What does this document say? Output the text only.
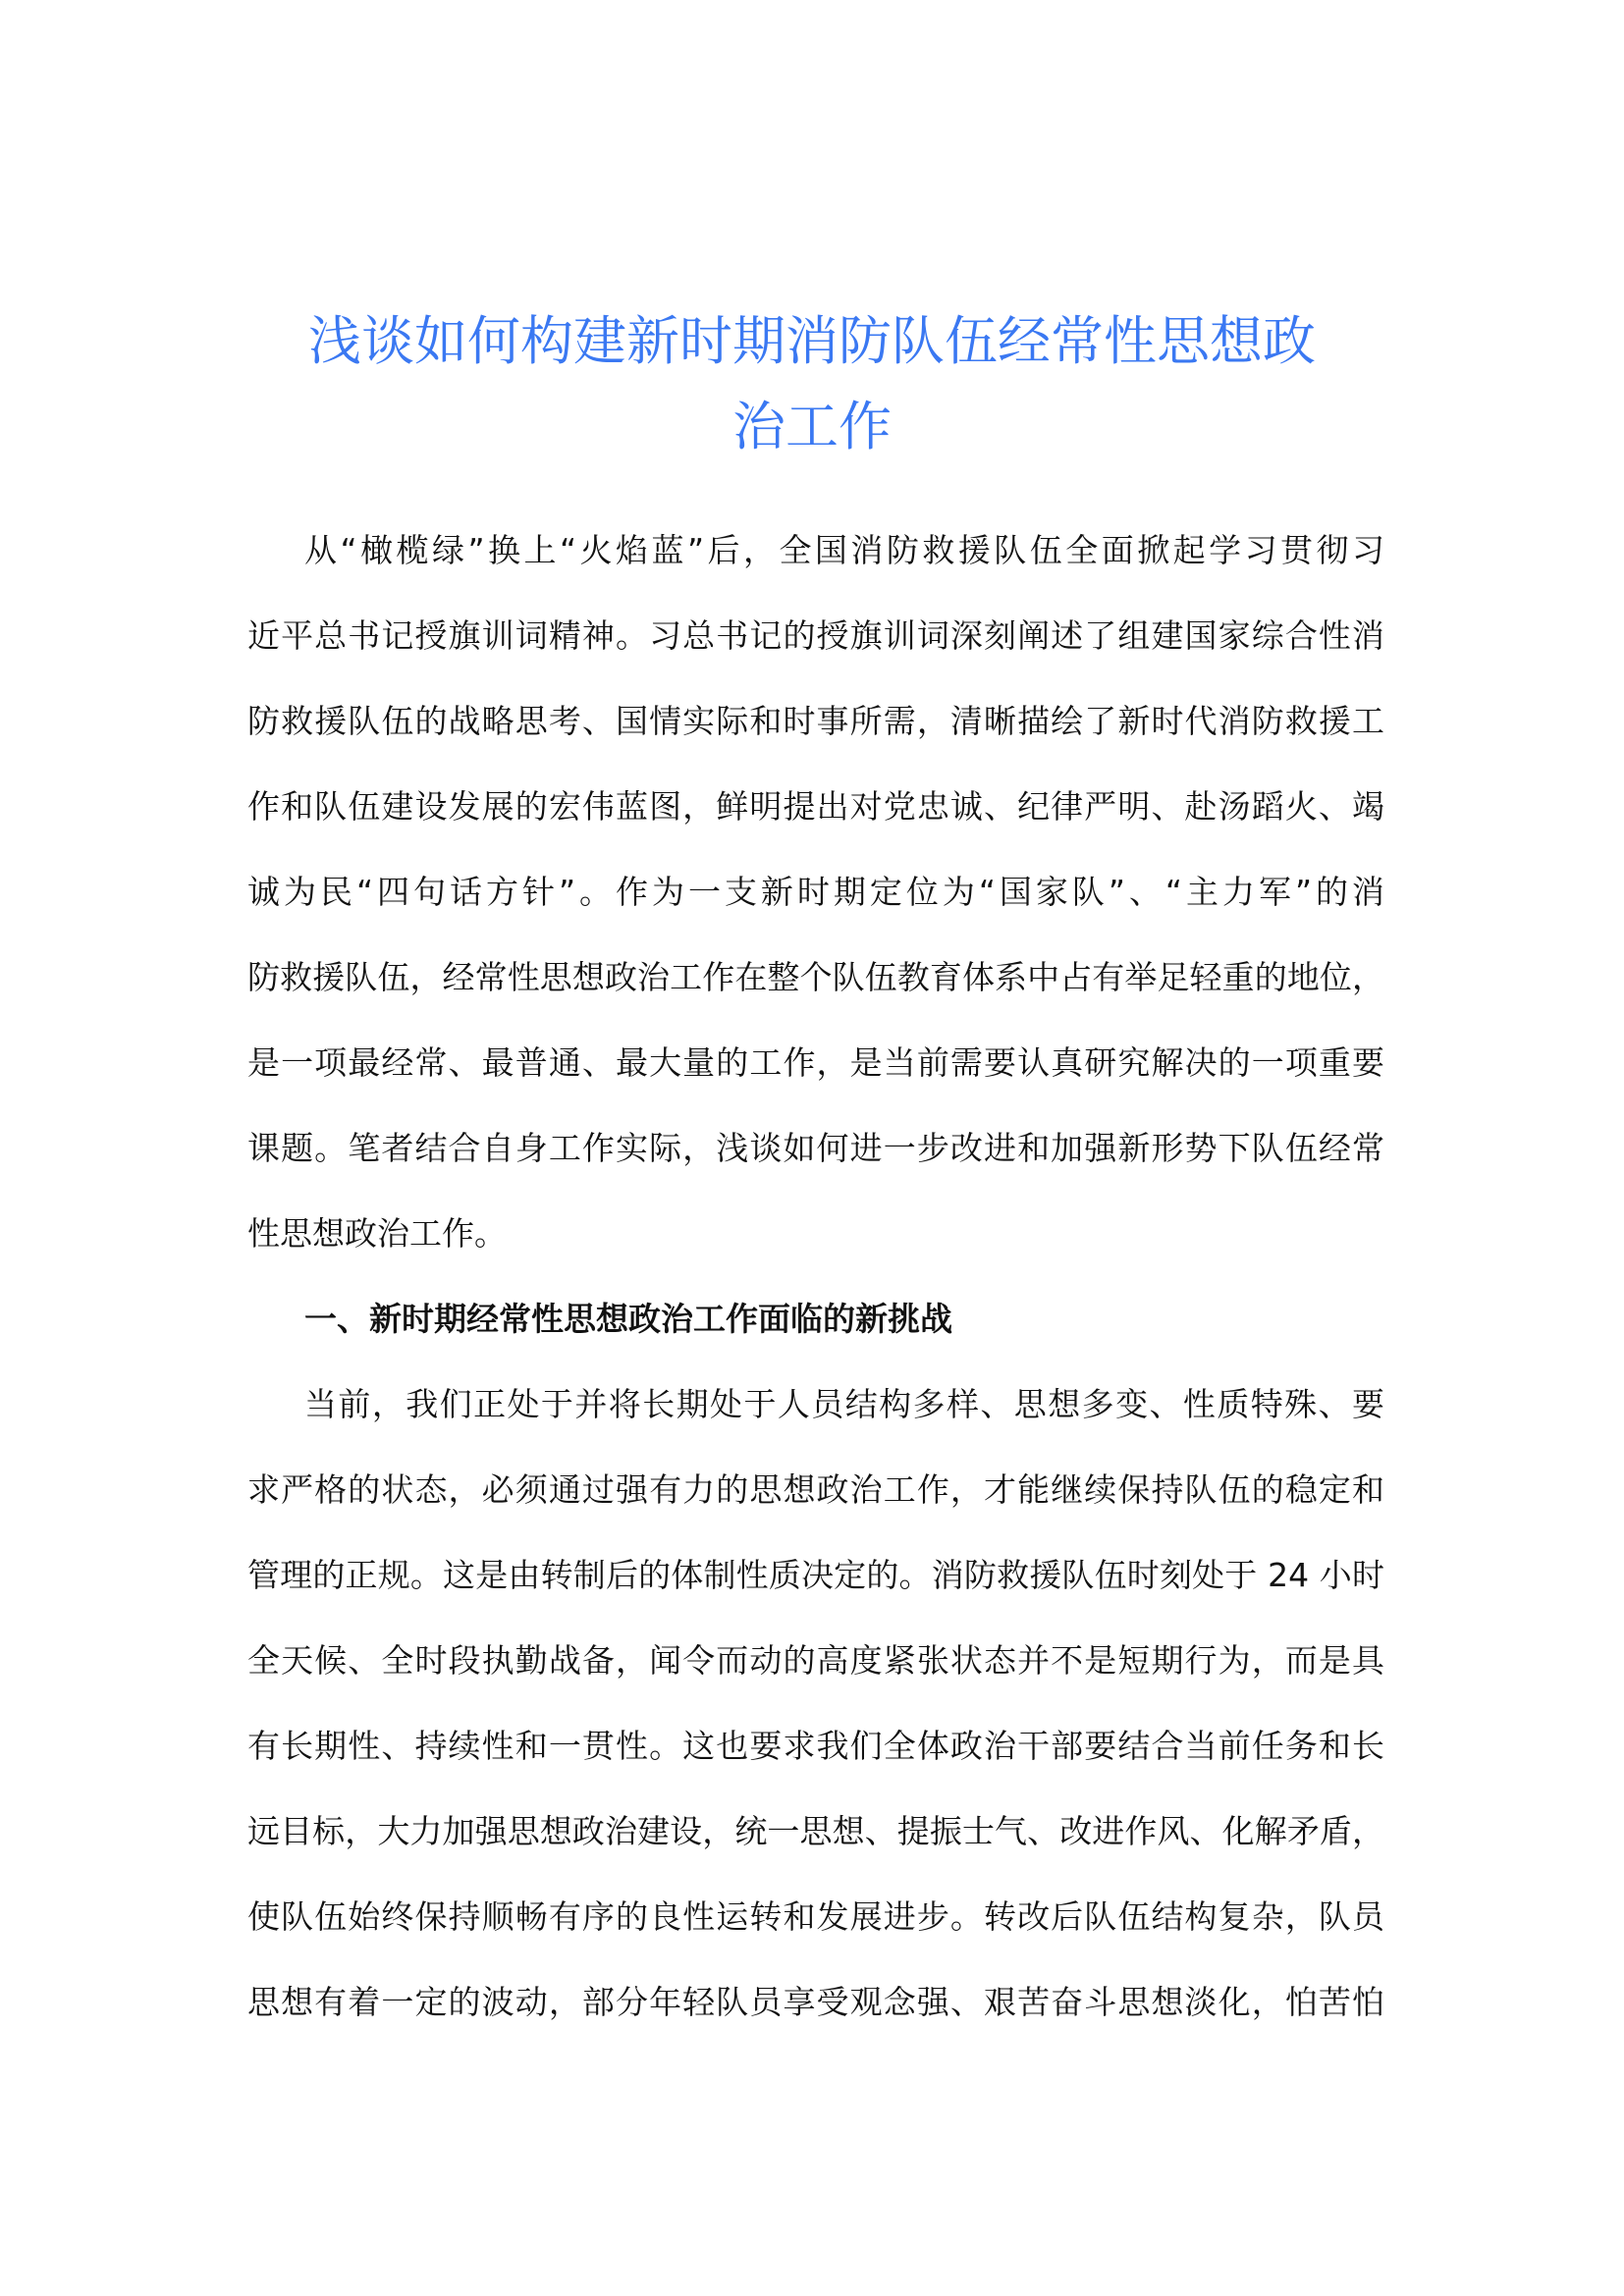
浅谈如何构建新时期消防队伍经常性思想政
治工作
从“橄榄绿”换上“火焰蓝”后，全国消防救援队伍全面掀起学习贯彻习
近平总书记授旗训词精神。习总书记的授旗训词深刻阐述了组建国家综合性消
防救援队伍的战略思考、国情实际和时事所需，清晰描绘了新时代消防救援工
作和队伍建设发展的宏伟蓝图，鲜明提出对党忠诚、纪律严明、赴汤蹈火、竭
诚为民“四句话方针”。作为一支新时期定位为“国家队”、“主力军”的消
防救援队伍，经常性思想政治工作在整个队伍教育体系中占有举足轻重的地位，
是一项最经常、最普通、最大量的工作，是当前需要认真研究解决的一项重要
课题。笔者结合自身工作实际，浅谈如何进一步改进和加强新形势下队伍经常
性思想政治工作。
一、新时期经常性思想政治工作面临的新挑战
当前，我们正处于并将长期处于人员结构多样、思想多变、性质特殊、要
求严格的状态，必须通过强有力的思想政治工作，才能继续保持队伍的稳定和
管理的正规。这是由转制后的体制性质决定的。消防救援队伍时刻处于 24 小时
全天候、全时段执勤战备，闻令而动的高度紧张状态并不是短期行为，而是具
有长期性、持续性和一贯性。这也要求我们全体政治干部要结合当前任务和长
远目标，大力加强思想政治建设，统一思想、提振士气、改进作风、化解矛盾，
使队伍始终保持顺畅有序的良性运转和发展进步。转改后队伍结构复杂，队员
思想有着一定的波动，部分年轻队员享受观念强、艰苦奋斗思想淡化，怕苦怕
